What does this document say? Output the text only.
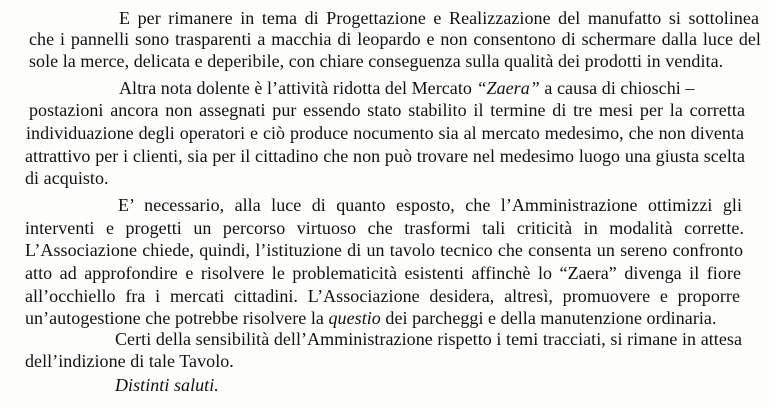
E per rimanere in tema di Progettazione e Realizzazione del manufatto si sottolinea
che i pannelli sono trasparenti a macchia di leopardo e non consentono di schermare dalla luce del
sole la merce, delicata e deperibile, con chiare conseguenza sulla qualità dei prodotti in vendita.
Altra nota dolente è l’attività ridotta del Mercato “Zaera” a causa di chioschi –
postazioni ancora non assegnati pur essendo stato stabilito il termine di tre mesi per la corretta
individuazione degli operatori e ciò produce nocumento sia al mercato medesimo, che non diventa
attrattivo per i clienti, sia per il cittadino che non può trovare nel medesimo luogo una giusta scelta
di acquisto.
E’ necessario, alla luce di quanto esposto, che l’Amministrazione ottimizzi gli
interventi e progetti un percorso virtuoso che trasformi tali criticità in modalità corrette.
L’Associazione chiede, quindi, l’istituzione di un tavolo tecnico che consenta un sereno confronto
atto ad approfondire e risolvere le problematicità esistenti affinchè lo “Zaera” divenga il fiore
all’occhiello fra i mercati cittadini. L’Associazione desidera, altresì, promuovere e proporre
un’autogestione che potrebbe risolvere la questio dei parcheggi e della manutenzione ordinaria.
Certi della sensibilità dell’Amministrazione rispetto i temi tracciati, si rimane in attesa
dell’indizione di tale Tavolo.
Distinti saluti.
